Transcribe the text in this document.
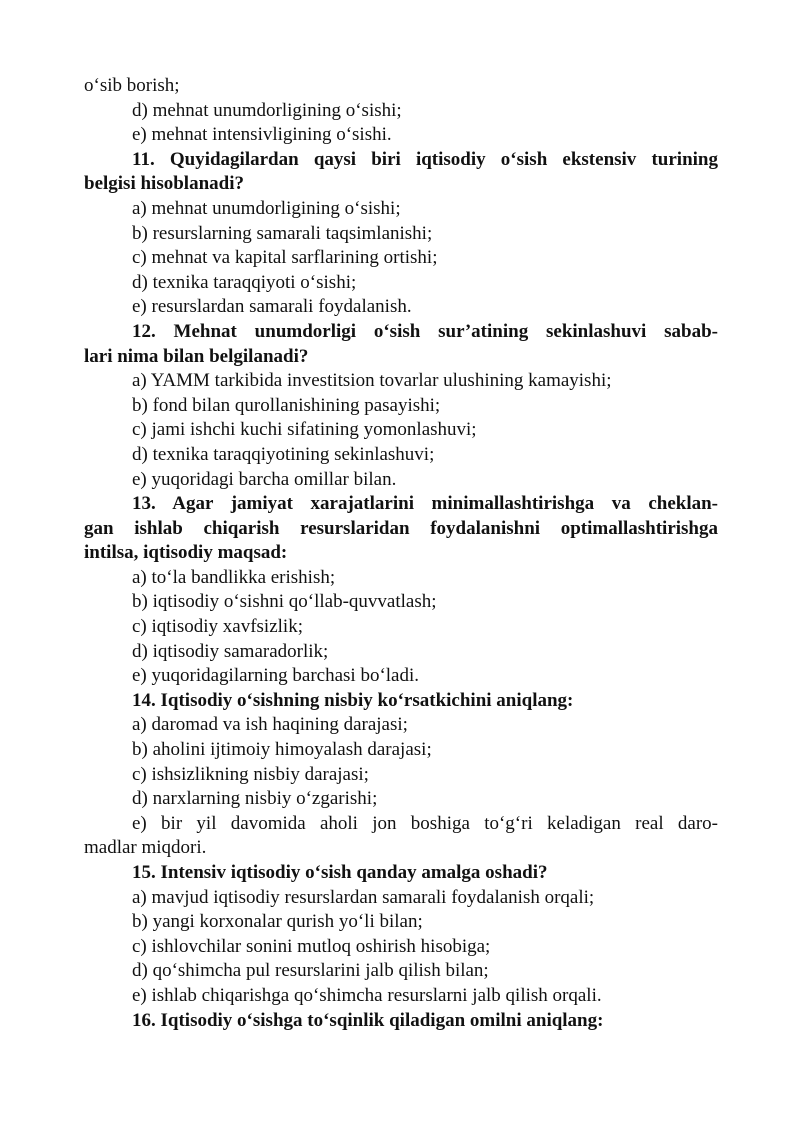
o‘sib borish;
d) mehnat unumdorligining o‘sishi;
e) mehnat intensivligining o‘sishi.
11. Quyidagilardan qaysi biri iqtisodiy o‘sish ekstensiv turining
belgisi hisoblanadi?
a) mehnat unumdorligining o‘sishi;
b) resurslarning samarali taqsimlanishi;
c) mehnat va kapital sarflarining ortishi;
d) texnika taraqqiyoti o‘sishi;
e) resurslardan samarali foydalanish.
12. Mehnat unumdorligi o‘sish sur’atining sekinlashuvi sabab-
lari nima bilan belgilanadi?
a) YAMM tarkibida investitsion tovarlar ulushining kamayishi;
b) fond bilan qurollanishining pasayishi;
c) jami ishchi kuchi sifatining yomonlashuvi;
d) texnika taraqqiyotining sekinlashuvi;
e) yuqoridagi barcha omillar bilan.
13. Agar jamiyat xarajatlarini minimallashtirishga va cheklan-
gan ishlab chiqarish resurslaridan foydalanishni optimallashtirishga
intilsa, iqtisodiy maqsad:
a) to‘la bandlikka erishish;
b) iqtisodiy o‘sishni qo‘llab-quvvatlash;
c) iqtisodiy xavfsizlik;
d) iqtisodiy samaradorlik;
e) yuqoridagilarning barchasi bo‘ladi.
14. Iqtisodiy o‘sishning nisbiy ko‘rsatkichini aniqlang:
a) daromad va ish haqining darajasi;
b) aholini ijtimoiy himoyalash darajasi;
c) ishsizlikning nisbiy darajasi;
d) narxlarning nisbiy o‘zgarishi;
e) bir yil davomida aholi jon boshiga to‘g‘ri keladigan real daro-
madlar miqdori.
15. Intensiv iqtisodiy o‘sish qanday amalga oshadi?
a) mavjud iqtisodiy resurslardan samarali foydalanish orqali;
b) yangi korxonalar qurish yo‘li bilan;
c) ishlovchilar sonini mutloq oshirish hisobiga;
d) qo‘shimcha pul resurslarini jalb qilish bilan;
e) ishlab chiqarishga qo‘shimcha resurslarni jalb qilish orqali.
16. Iqtisodiy o‘sishga to‘sqinlik qiladigan omilni aniqlang:
